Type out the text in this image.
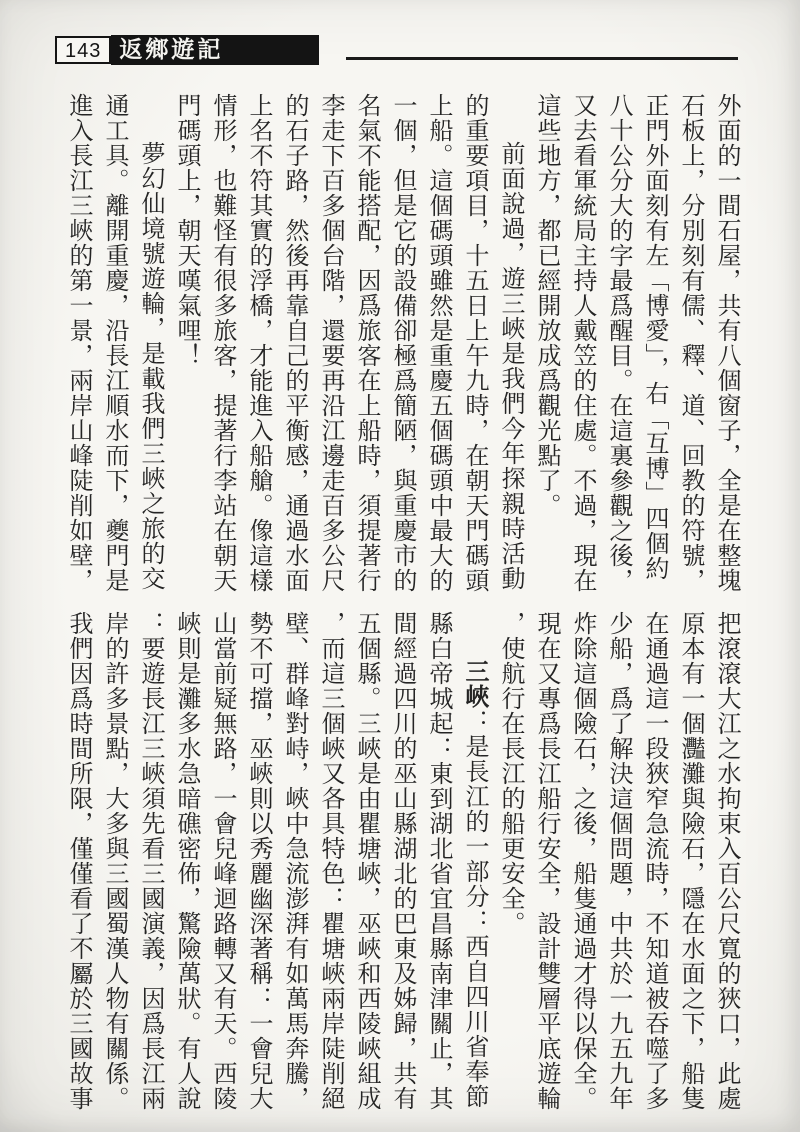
143 返鄉遊記

外面的一間石屋，共有八個窗子，全是在整塊石板上，分別刻有儒、釋、道、回教的符號，正門外面刻有左「博愛」，右「互博」四個約八十公分大的字最爲醒目。在這裏參觀之後，又去看軍統局主持人戴笠的住處。不過，現在這些地方，都已經開放成爲觀光點了。

前面說過，遊三峽是我們今年探親時活動的重要項目，十五日上午九時，在朝天門碼頭上船。這個碼頭雖然是重慶五個碼頭中最大的一個，但是它的設備卻極爲簡陋，與重慶市的名氣不能搭配，因爲旅客在上船時，須提著行李走下百多個台階，還要再沿江邊走百多公尺的石子路，然後再靠自己的平衡感，通過水面上名不符其實的浮橋，才能進入船艙。像這樣情形，也難怪有很多旅客，提著行李站在朝天門碼頭上，朝天嘆氣哩！

夢幻仙境號遊輪，是載我們三峽之旅的交通工具。離開重慶，沿長江順水而下，夔門是進入長江三峽的第一景，兩岸山峰陡削如壁，

把滾滾大江之水拘束入百公尺寬的狹口，此處原本有一個灩灘與險石，隱在水面之下，船隻在通過這一段狹窄急流時，不知道被吞噬了多少船，爲了解決這個問題，中共於一九五九年炸除這個險石，之後，船隻通過才得以保全。現在又專爲長江船行安全，設計雙層平底遊輪，使航行在長江的船更安全。

三峽：是長江的一部分：西自四川省奉節縣白帝城起：東到湖北省宜昌縣南津關止，其間經過四川的巫山縣湖北的巴東及姊歸，共有五個縣。三峽是由瞿塘峽，巫峽和西陵峽組成，而這三個峽又各具特色：瞿塘峽兩岸陡削絕壁、群峰對峙，峽中急流澎湃有如萬馬奔騰，勢不可擋，巫峽則以秀麗幽深著稱：一會兒大山當前疑無路，一會兒峰迴路轉又有天。西陵峽則是灘多水急暗礁密佈，驚險萬狀。有人說：要遊長江三峽須先看三國演義，因爲長江兩岸的許多景點，大多與三國蜀漢人物有關係。我們因爲時間所限，僅僅看了不屬於三國故事
